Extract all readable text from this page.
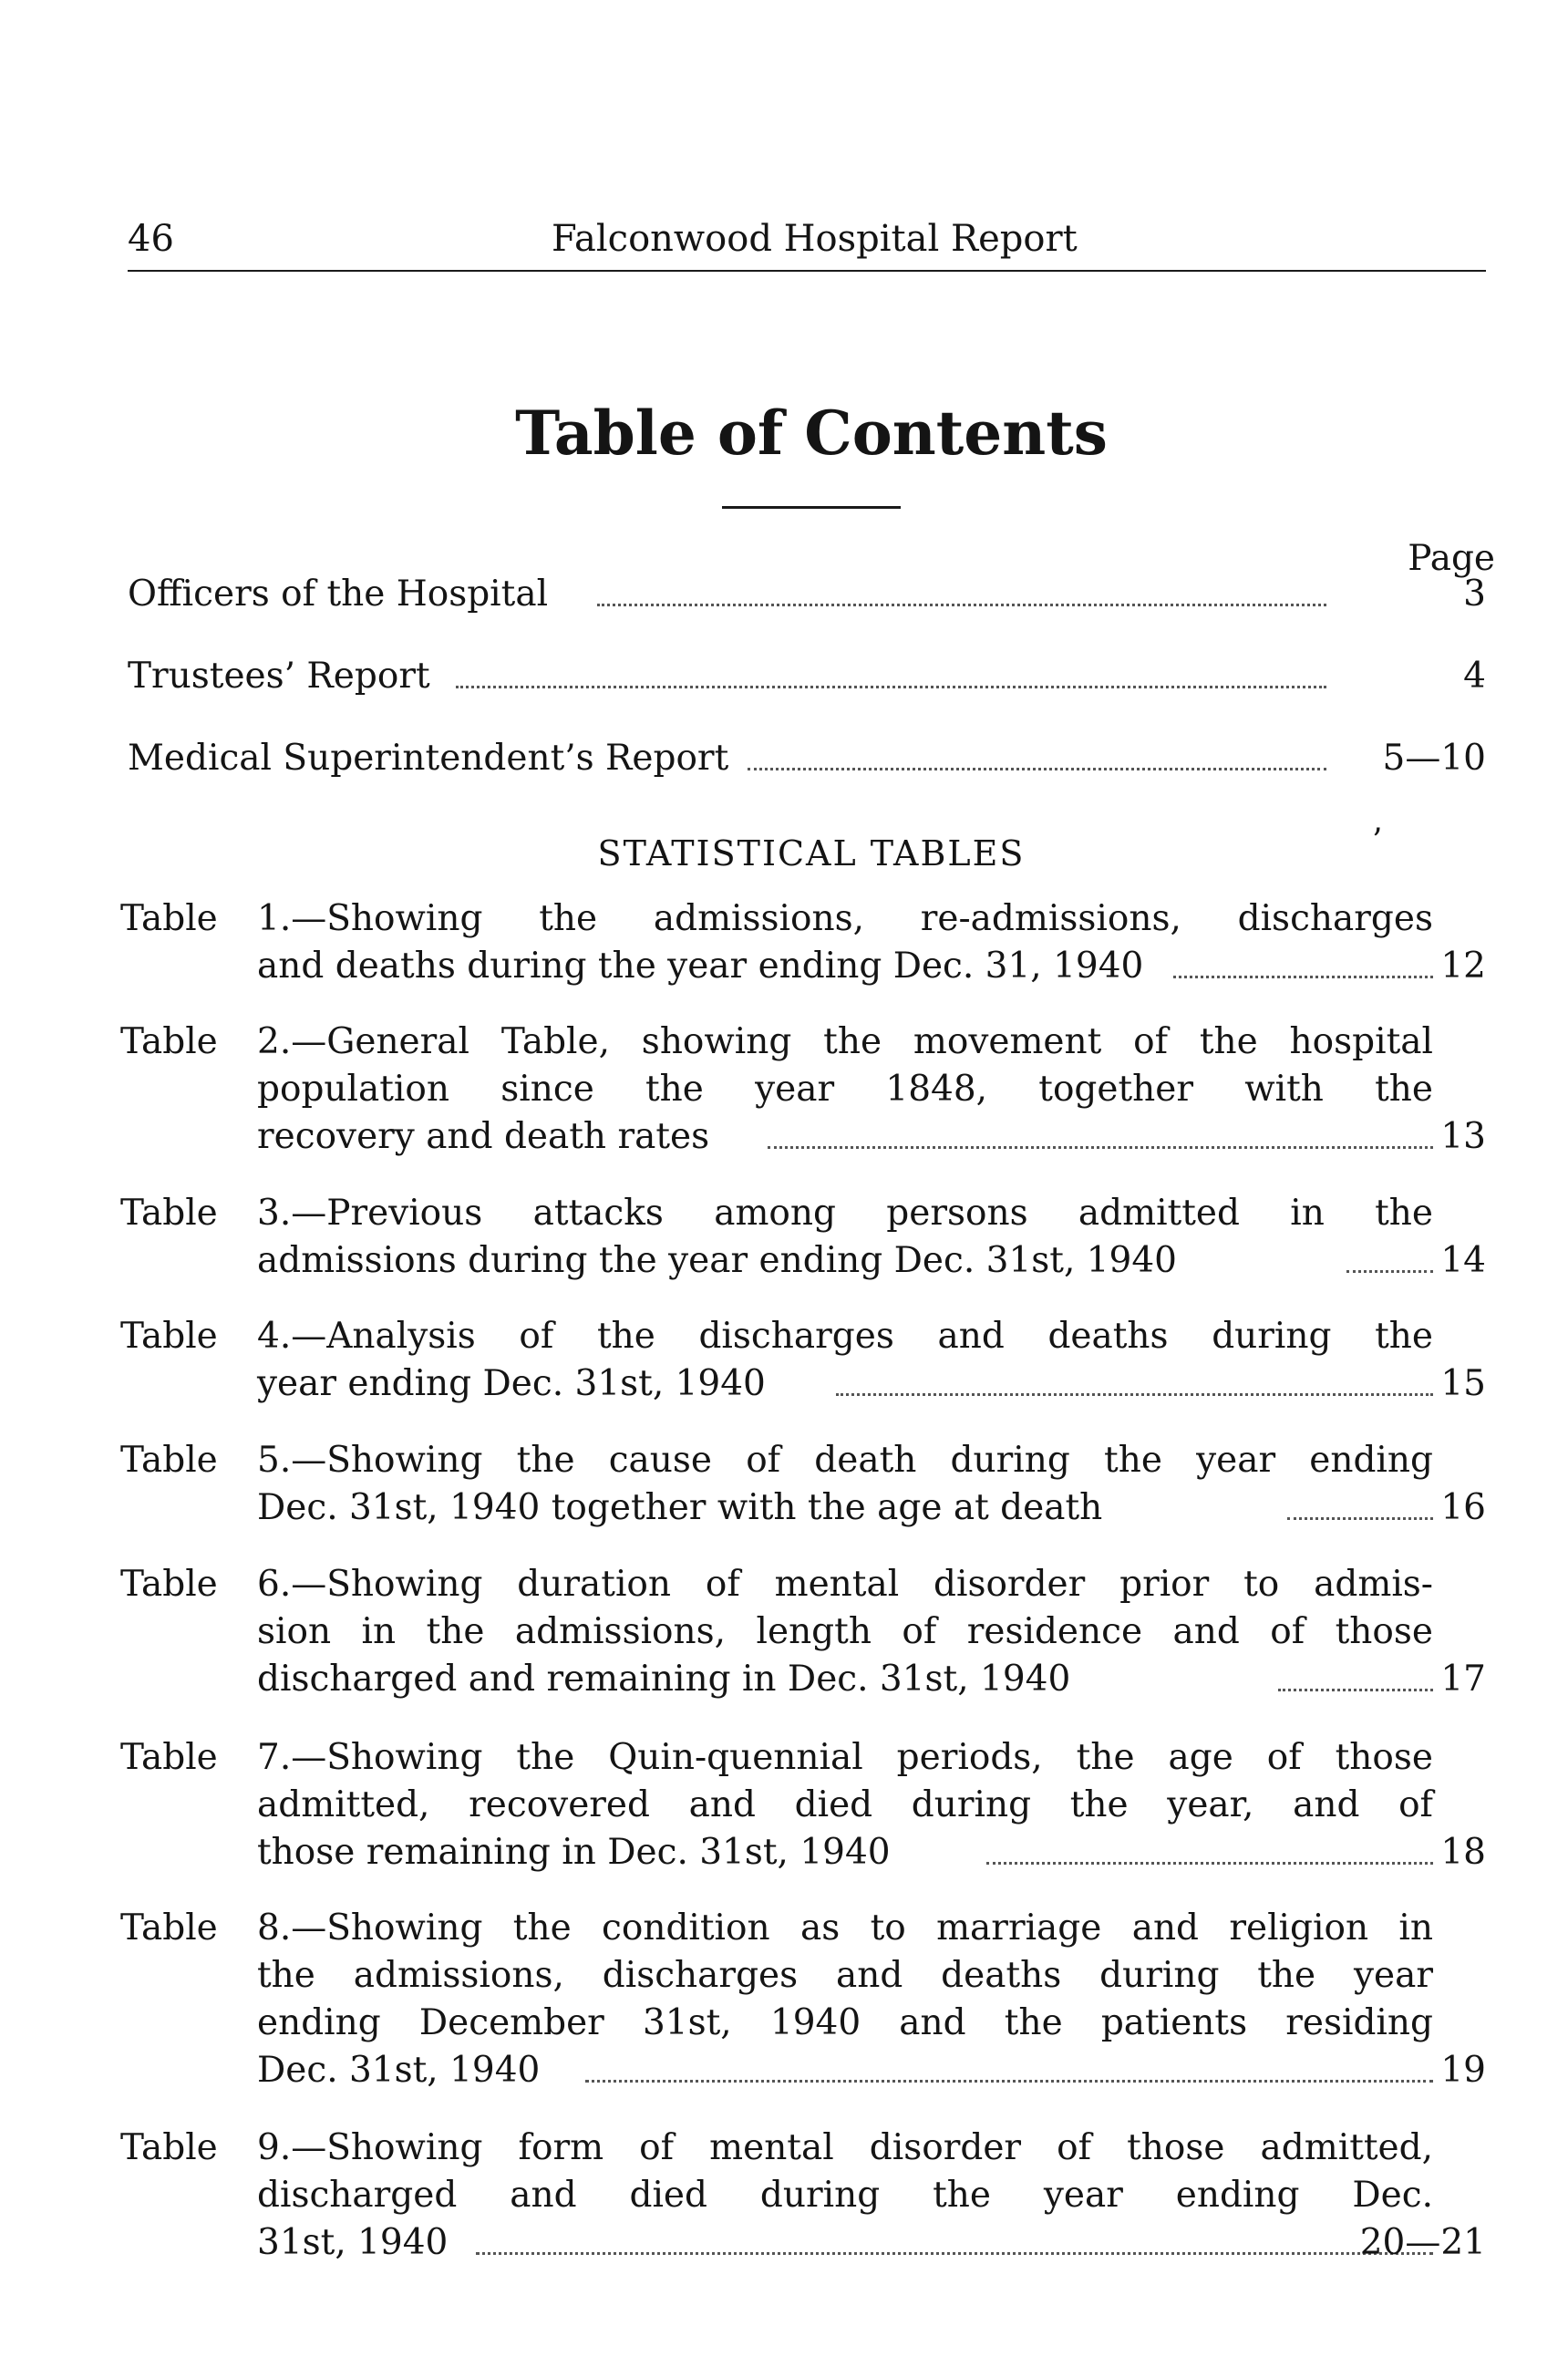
46	Falconwood Hospital Report
Table of Contents
Page
Officers of the Hospital	3
Trustees’ Report	4
Medical Superintendent’s Report	5—10
STATISTICAL TABLES	’
Table 1.—Showing the admissions, re-admissions, discharges
and deaths during the year ending Dec. 31, 1940	12
Table 2.—General Table, showing the movement of the hospital
population since the year 1848, together with the
recovery and death rates	13
Table 3.—Previous attacks among persons admitted in the
admissions during the year ending Dec. 31st, 1940	14
Table 4.—Analysis of the discharges and deaths during the
year ending Dec. 31st, 1940	15
Table 5.—Showing the cause of death during the year ending
Dec. 31st, 1940 together with the age at death	16
Table 6.—Showing duration of mental disorder prior to admis-
sion in the admissions, length of residence and of those
discharged and remaining in Dec. 31st, 1940	17
Table 7.—Showing the Quin-quennial periods, the age of those
admitted, recovered and died during the year, and of
those remaining in Dec. 31st, 1940	18
Table 8.—Showing the condition as to marriage and religion in
the admissions, discharges and deaths during the year
ending December 31st, 1940 and the patients residing
Dec. 31st, 1940	19
Table 9.—Showing form of mental disorder of those admitted,
discharged and died during the year ending Dec.
31st, 1940	20—21
